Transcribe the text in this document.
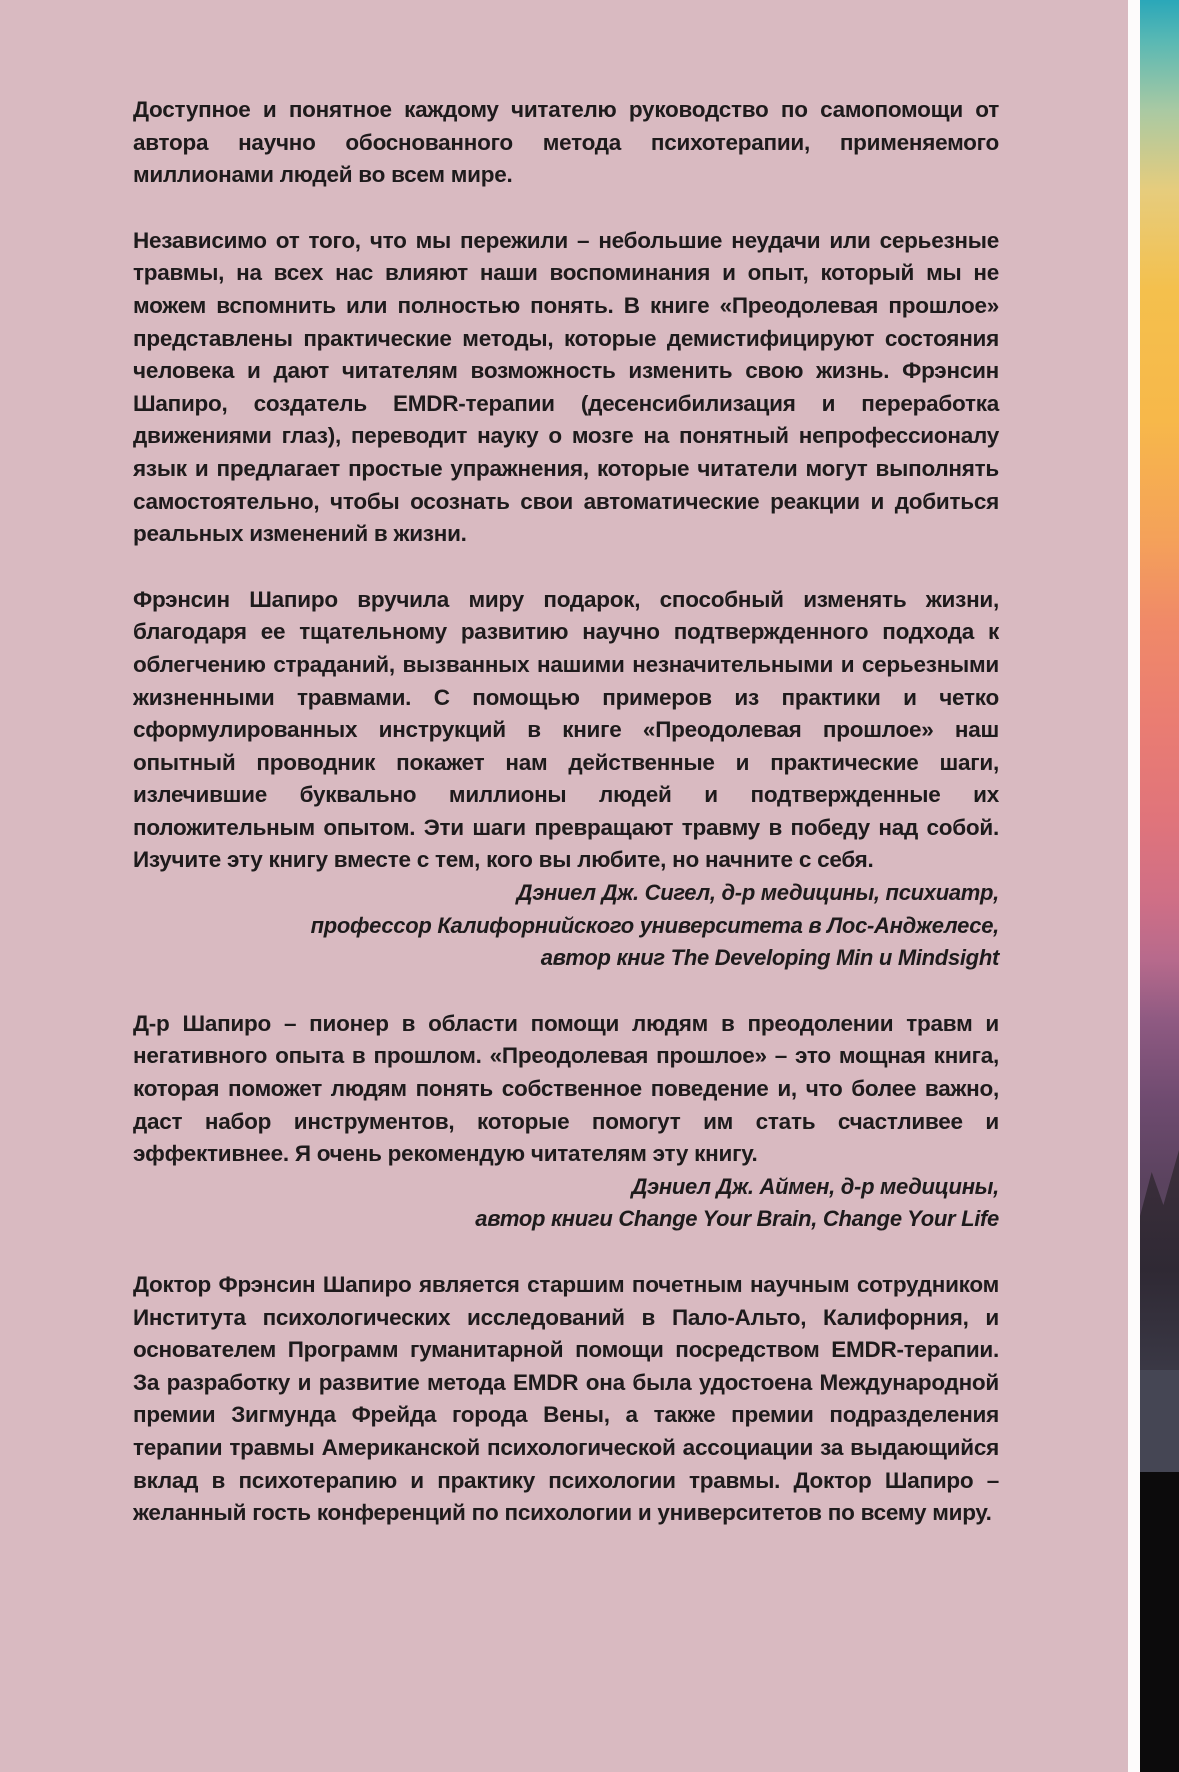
Доступное и понятное каждому читателю руководство по самопомощи от автора научно обоснованного метода психотерапии, применяемого миллионами людей во всем мире.

Независимо от того, что мы пережили – небольшие неудачи или серьезные травмы, на всех нас влияют наши воспоминания и опыт, который мы не можем вспомнить или полностью понять. В книге «Преодолевая прошлое» представлены практические методы, которые демистифицируют состояния человека и дают читателям возможность изменить свою жизнь. Фрэнсин Шапиро, создатель EMDR-терапии (десенсибилизация и переработка движениями глаз), переводит науку о мозге на понятный непрофессионалу язык и предлагает простые упражнения, которые читатели могут выполнять самостоятельно, чтобы осознать свои автоматические реакции и добиться реальных изменений в жизни.

Фрэнсин Шапиро вручила миру подарок, способный изменять жизни, благодаря ее тщательному развитию научно подтвержденного подхода к облегчению страданий, вызванных нашими незначительными и серьезными жизненными травмами. С помощью примеров из практики и четко сформулированных инструкций в книге «Преодолевая прошлое» наш опытный проводник покажет нам действенные и практические шаги, излечившие буквально миллионы людей и подтвержденные их положительным опытом. Эти шаги превращают травму в победу над собой. Изучите эту книгу вместе с тем, кого вы любите, но начните с себя.

Дэниел Дж. Сигел, д-р медицины, психиатр,
профессор Калифорнийского университета в Лос-Анджелесе,
автор книг The Developing Min и Mindsight

Д-р Шапиро – пионер в области помощи людям в преодолении травм и негативного опыта в прошлом. «Преодолевая прошлое» – это мощная книга, которая поможет людям понять собственное поведение и, что более важно, даст набор инструментов, которые помогут им стать счастливее и эффективнее. Я очень рекомендую читателям эту книгу.

Дэниел Дж. Аймен, д-р медицины,
автор книги Change Your Brain, Change Your Life

Доктор Фрэнсин Шапиро является старшим почетным научным сотрудником Института психологических исследований в Пало-Альто, Калифорния, и основателем Программ гуманитарной помощи посредством EMDR-терапии. За разработку и развитие метода EMDR она была удостоена Международной премии Зигмунда Фрейда города Вены, а также премии подразделения терапии травмы Американской психологической ассоциации за выдающийся вклад в психотерапию и практику психологии травмы. Доктор Шапиро – желанный гость конференций по психологии и университетов по всему миру.
